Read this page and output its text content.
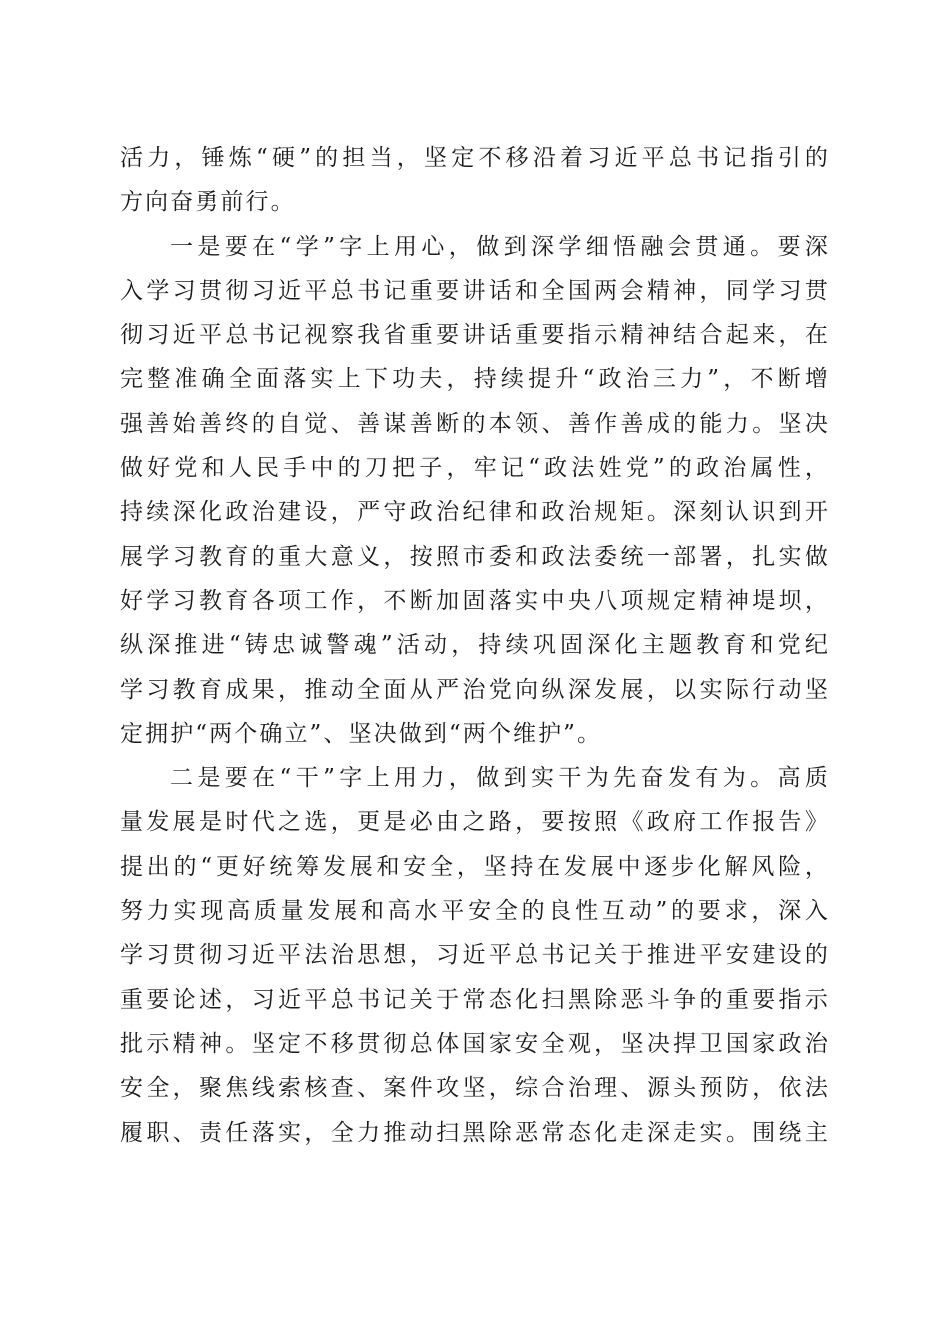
活力，锤炼“硬”的担当，坚定不移沿着习近平总书记指引的
方向奋勇前行。
一是要在“学”字上用心，做到深学细悟融会贯通。要深
入学习贯彻习近平总书记重要讲话和全国两会精神，同学习贯
彻习近平总书记视察我省重要讲话重要指示精神结合起来，在
完整准确全面落实上下功夫，持续提升“政治三力”，不断增
强善始善终的自觉、善谋善断的本领、善作善成的能力。坚决
做好党和人民手中的刀把子，牢记“政法姓党”的政治属性，
持续深化政治建设，严守政治纪律和政治规矩。深刻认识到开
展学习教育的重大意义，按照市委和政法委统一部署，扎实做
好学习教育各项工作，不断加固落实中央八项规定精神堤坝，
纵深推进“铸忠诚警魂”活动，持续巩固深化主题教育和党纪
学习教育成果，推动全面从严治党向纵深发展，以实际行动坚
定拥护“两个确立”、坚决做到“两个维护”。
二是要在“干”字上用力，做到实干为先奋发有为。高质
量发展是时代之选，更是必由之路，要按照《政府工作报告》
提出的“更好统筹发展和安全，坚持在发展中逐步化解风险，
努力实现高质量发展和高水平安全的良性互动”的要求，深入
学习贯彻习近平法治思想，习近平总书记关于推进平安建设的
重要论述，习近平总书记关于常态化扫黑除恶斗争的重要指示
批示精神。坚定不移贯彻总体国家安全观，坚决捍卫国家政治
安全，聚焦线索核查、案件攻坚，综合治理、源头预防，依法
履职、责任落实，全力推动扫黑除恶常态化走深走实。围绕主
